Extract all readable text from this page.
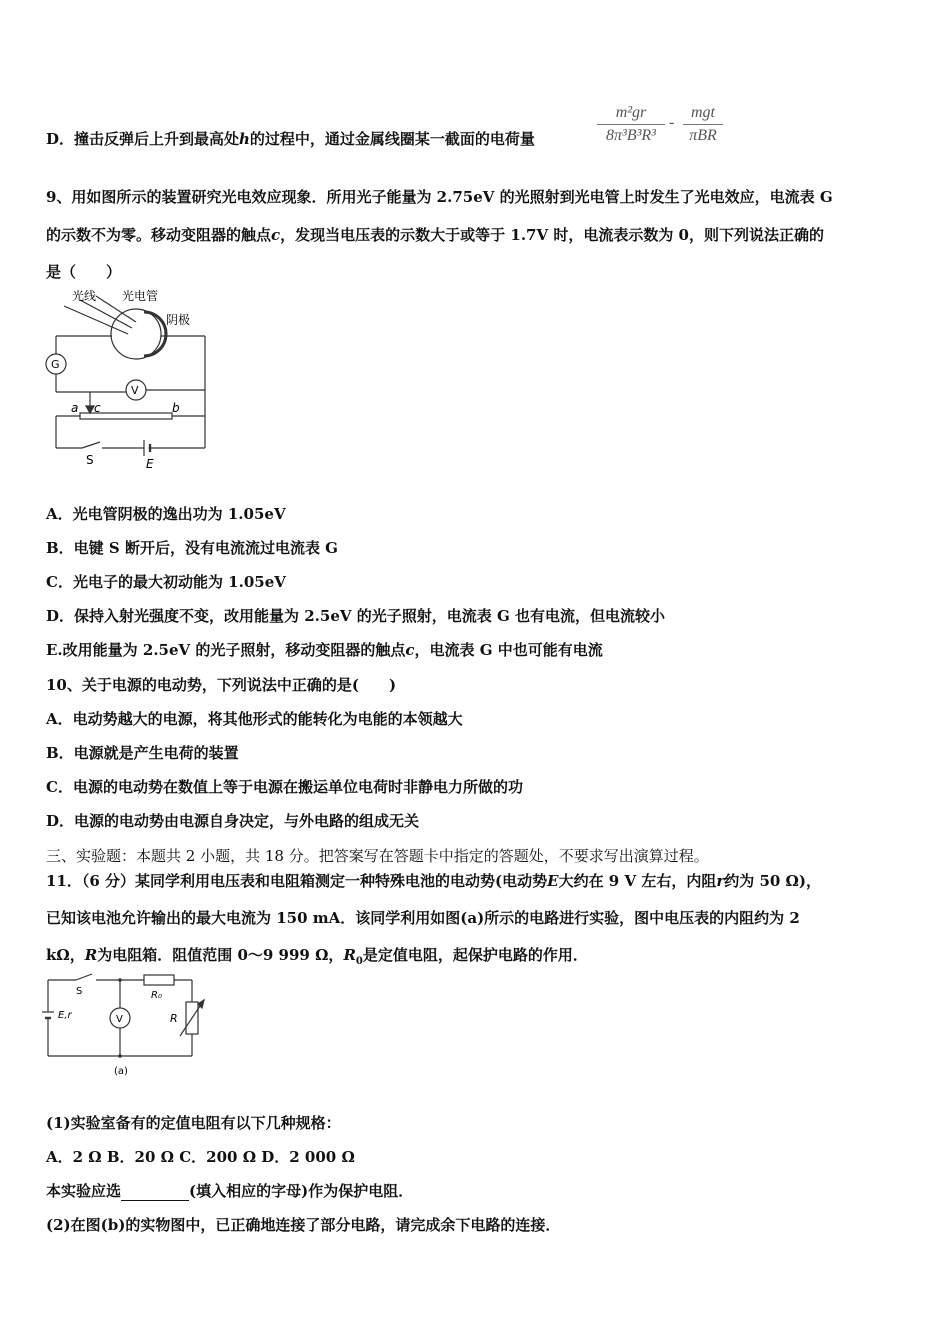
D．撞击反弹后上升到最高处h的过程中，通过金属线圈某一截面的电荷量
m²gr
8π³B³R³
-
mgt
πBR
9、用如图所示的装置研究光电效应现象．所用光子能量为 2.75eV 的光照射到光电管上时发生了光电效应，电流表 G
的示数不为零。移动变阻器的触点c，发现当电压表的示数大于或等于 1.7V 时，电流表示数为 0，则下列说法正确的
是（　　）
光线 光电管
阴极
G
V
a c	b
S	E
A．光电管阴极的逸出功为 1.05eV
B．电键 S 断开后，没有电流流过电流表 G
C．光电子的最大初动能为 1.05eV
D．保持入射光强度不变，改用能量为 2.5eV 的光子照射，电流表 G 也有电流，但电流较小
E.改用能量为 2.5eV 的光子照射，移动变阻器的触点c，电流表 G 中也可能有电流
10、关于电源的电动势，下列说法中正确的是(　　)
A．电动势越大的电源，将其他形式的能转化为电能的本领越大
B．电源就是产生电荷的装置
C．电源的电动势在数值上等于电源在搬运单位电荷时非静电力所做的功
D．电源的电动势由电源自身决定，与外电路的组成无关
三、实验题：本题共 2 小题，共 18 分。把答案写在答题卡中指定的答题处，不要求写出演算过程。
11．（6 分）某同学利用电压表和电阻箱测定一种特殊电池的电动势(电动势E大约在 9 V 左右，内阻r约为 50 Ω)，
已知该电池允许输出的最大电流为 150 mA．该同学利用如图(a)所示的电路进行实验，图中电压表的内阻约为 2
kΩ，R为电阻箱．阻值范围 0～9 999 Ω，$R_0$是定值电阻，起保护电路的作用．
S	R₀
E,r	V	R
(a)
(1)实验室备有的定值电阻有以下几种规格：
A．2 Ω B．20 Ω C．200 Ω D．2 000 Ω
本实验应选	(填入相应的字母)作为保护电阻．
(2)在图(b)的实物图中，已正确地连接了部分电路，请完成余下电路的连接．
